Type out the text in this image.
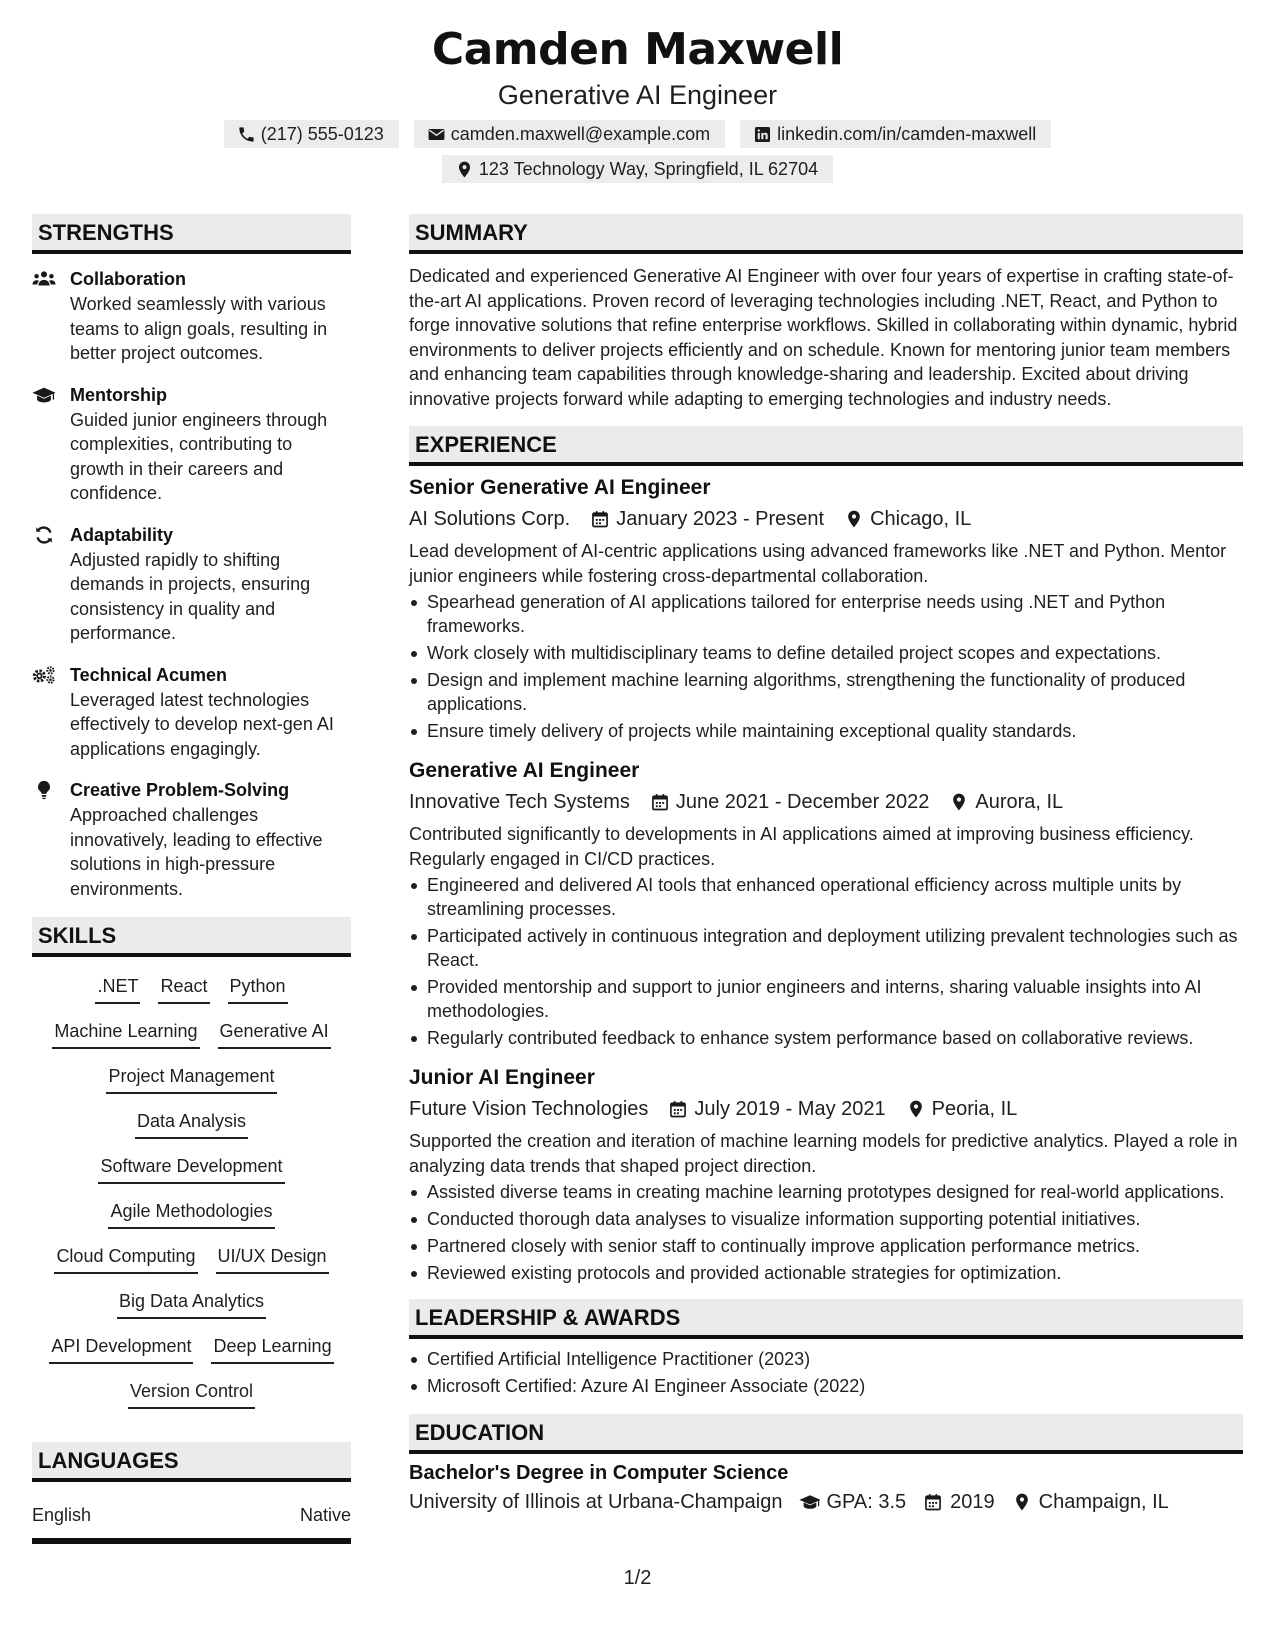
Camden Maxwell
Generative AI Engineer
(217) 555-0123	camden.maxwell@example.com	linkedin.com/in/camden-maxwell
123 Technology Way, Springfield, IL 62704
STRENGTHS
Collaboration
Worked seamlessly with various teams to align goals, resulting in better project outcomes.
Mentorship
Guided junior engineers through complexities, contributing to growth in their careers and confidence.
Adaptability
Adjusted rapidly to shifting demands in projects, ensuring consistency in quality and performance.
Technical Acumen
Leveraged latest technologies effectively to develop next-gen AI applications engagingly.
Creative Problem-Solving
Approached challenges innovatively, leading to effective solutions in high-pressure environments.
SKILLS
.NET React Python
Machine Learning Generative AI
Project Management
Data Analysis
Software Development
Agile Methodologies
Cloud Computing UI/UX Design
Big Data Analytics
API Development Deep Learning
Version Control
LANGUAGES
English	Native
SUMMARY
Dedicated and experienced Generative AI Engineer with over four years of expertise in crafting state-of-the-art AI applications. Proven record of leveraging technologies including .NET, React, and Python to forge innovative solutions that refine enterprise workflows. Skilled in collaborating within dynamic, hybrid environments to deliver projects efficiently and on schedule. Known for mentoring junior team members and enhancing team capabilities through knowledge-sharing and leadership. Excited about driving innovative projects forward while adapting to emerging technologies and industry needs.
EXPERIENCE
Senior Generative AI Engineer
AI Solutions Corp. January 2023 - Present Chicago, IL
Lead development of AI-centric applications using advanced frameworks like .NET and Python. Mentor junior engineers while fostering cross-departmental collaboration.
Spearhead generation of AI applications tailored for enterprise needs using .NET and Python frameworks.
Work closely with multidisciplinary teams to define detailed project scopes and expectations.
Design and implement machine learning algorithms, strengthening the functionality of produced applications.
Ensure timely delivery of projects while maintaining exceptional quality standards.
Generative AI Engineer
Innovative Tech Systems June 2021 - December 2022 Aurora, IL
Contributed significantly to developments in AI applications aimed at improving business efficiency. Regularly engaged in CI/CD practices.
Engineered and delivered AI tools that enhanced operational efficiency across multiple units by streamlining processes.
Participated actively in continuous integration and deployment utilizing prevalent technologies such as React.
Provided mentorship and support to junior engineers and interns, sharing valuable insights into AI methodologies.
Regularly contributed feedback to enhance system performance based on collaborative reviews.
Junior AI Engineer
Future Vision Technologies July 2019 - May 2021 Peoria, IL
Supported the creation and iteration of machine learning models for predictive analytics. Played a role in analyzing data trends that shaped project direction.
Assisted diverse teams in creating machine learning prototypes designed for real-world applications.
Conducted thorough data analyses to visualize information supporting potential initiatives.
Partnered closely with senior staff to continually improve application performance metrics.
Reviewed existing protocols and provided actionable strategies for optimization.
LEADERSHIP & AWARDS
Certified Artificial Intelligence Practitioner (2023)
Microsoft Certified: Azure AI Engineer Associate (2022)
EDUCATION
Bachelor's Degree in Computer Science
University of Illinois at Urbana-Champaign GPA: 3.5 2019 Champaign, IL
1/2
